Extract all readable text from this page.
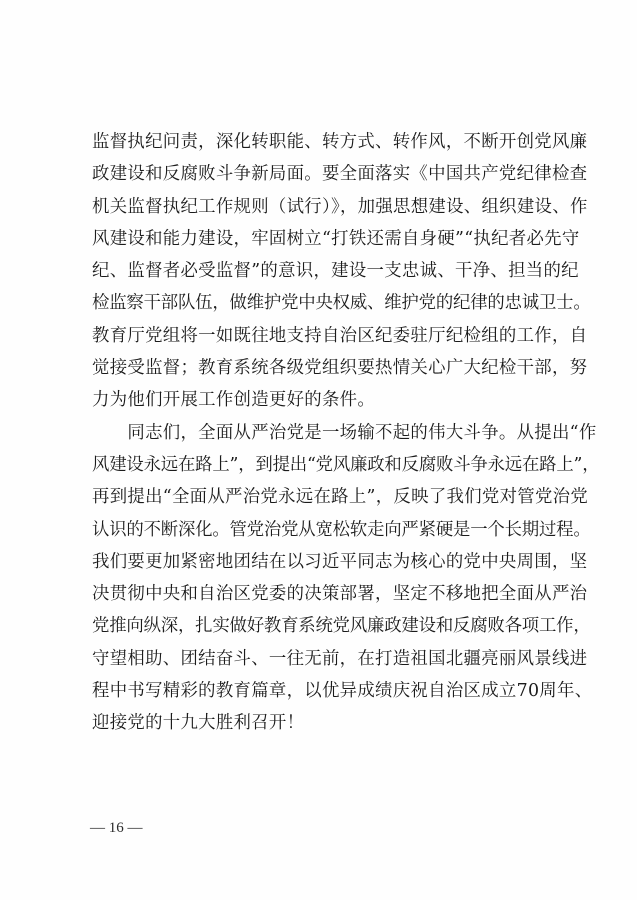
监督执纪问责，深化转职能、转方式、转作风，不断开创党风廉
政建设和反腐败斗争新局面。要全面落实《中国共产党纪律检查
机关监督执纪工作规则（试行）》，加强思想建设、组织建设、作
风建设和能力建设，牢固树立“打铁还需自身硬”“执纪者必先守
纪、监督者必受监督”的意识，建设一支忠诚、干净、担当的纪
检监察干部队伍，做维护党中央权威、维护党的纪律的忠诚卫士。
教育厅党组将一如既往地支持自治区纪委驻厅纪检组的工作，自
觉接受监督；教育系统各级党组织要热情关心广大纪检干部，努
力为他们开展工作创造更好的条件。
　　同志们，全面从严治党是一场输不起的伟大斗争。从提出“作
风建设永远在路上”，到提出“党风廉政和反腐败斗争永远在路上”，
再到提出“全面从严治党永远在路上”，反映了我们党对管党治党
认识的不断深化。管党治党从宽松软走向严紧硬是一个长期过程。
我们要更加紧密地团结在以习近平同志为核心的党中央周围，坚
决贯彻中央和自治区党委的决策部署，坚定不移地把全面从严治
党推向纵深，扎实做好教育系统党风廉政建设和反腐败各项工作，
守望相助、团结奋斗、一往无前，在打造祖国北疆亮丽风景线进
程中书写精彩的教育篇章，以优异成绩庆祝自治区成立70周年、
迎接党的十九大胜利召开！
— 16 —
